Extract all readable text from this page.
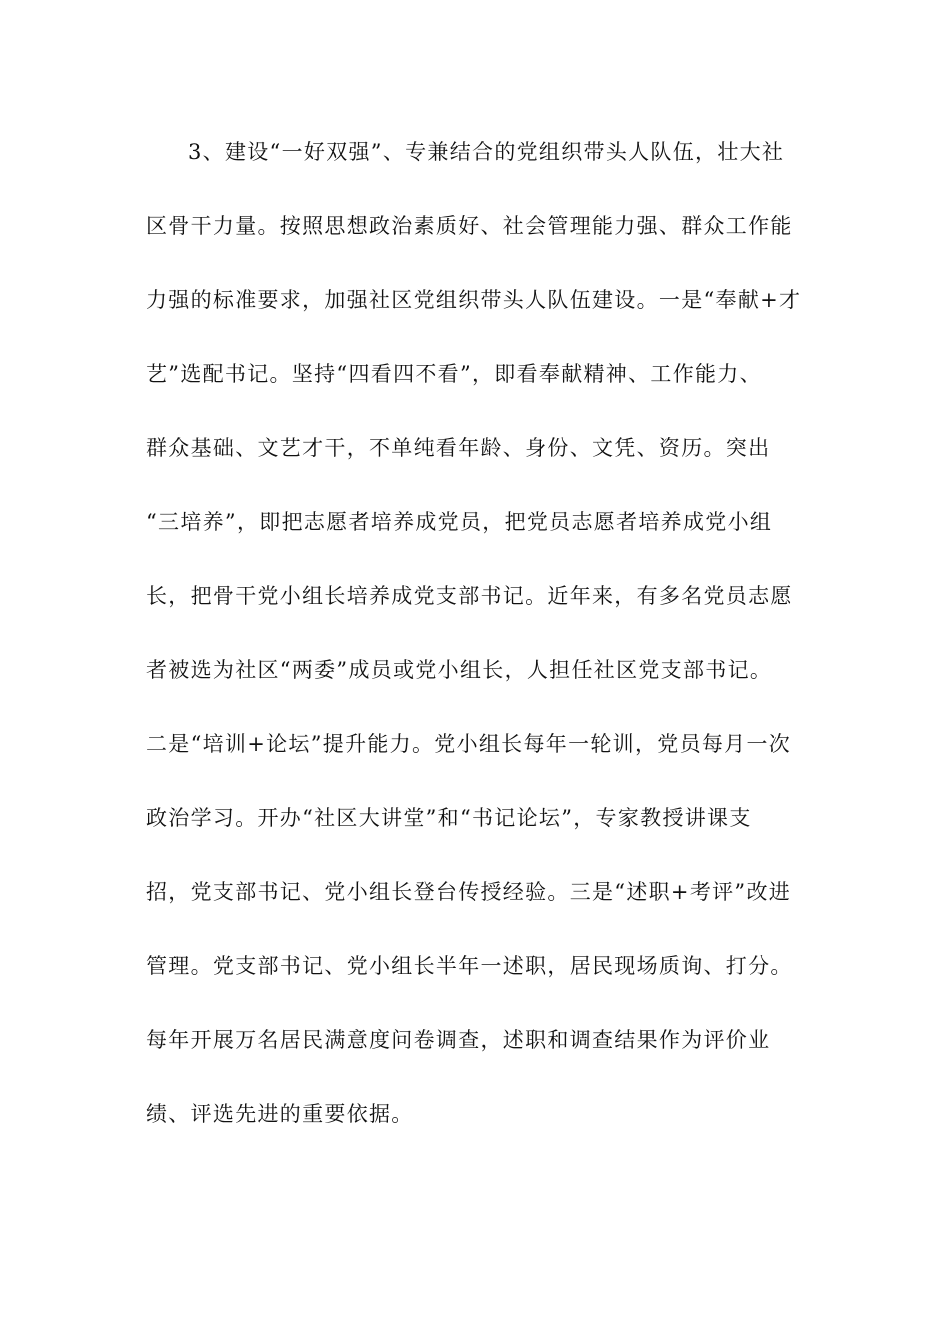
3、建设“一好双强”、专兼结合的党组织带头人队伍，壮大社
区骨干力量。按照思想政治素质好、社会管理能力强、群众工作能
力强的标准要求，加强社区党组织带头人队伍建设。一是“奉献+才
艺”选配书记。坚持“四看四不看”，即看奉献精神、工作能力、
群众基础、文艺才干，不单纯看年龄、身份、文凭、资历。突出
“三培养”，即把志愿者培养成党员，把党员志愿者培养成党小组
长，把骨干党小组长培养成党支部书记。近年来，有多名党员志愿
者被选为社区“两委”成员或党小组长，人担任社区党支部书记。
二是“培训+论坛”提升能力。党小组长每年一轮训，党员每月一次
政治学习。开办“社区大讲堂”和“书记论坛”，专家教授讲课支
招，党支部书记、党小组长登台传授经验。三是“述职+考评”改进
管理。党支部书记、党小组长半年一述职，居民现场质询、打分。
每年开展万名居民满意度问卷调查，述职和调查结果作为评价业
绩、评选先进的重要依据。
